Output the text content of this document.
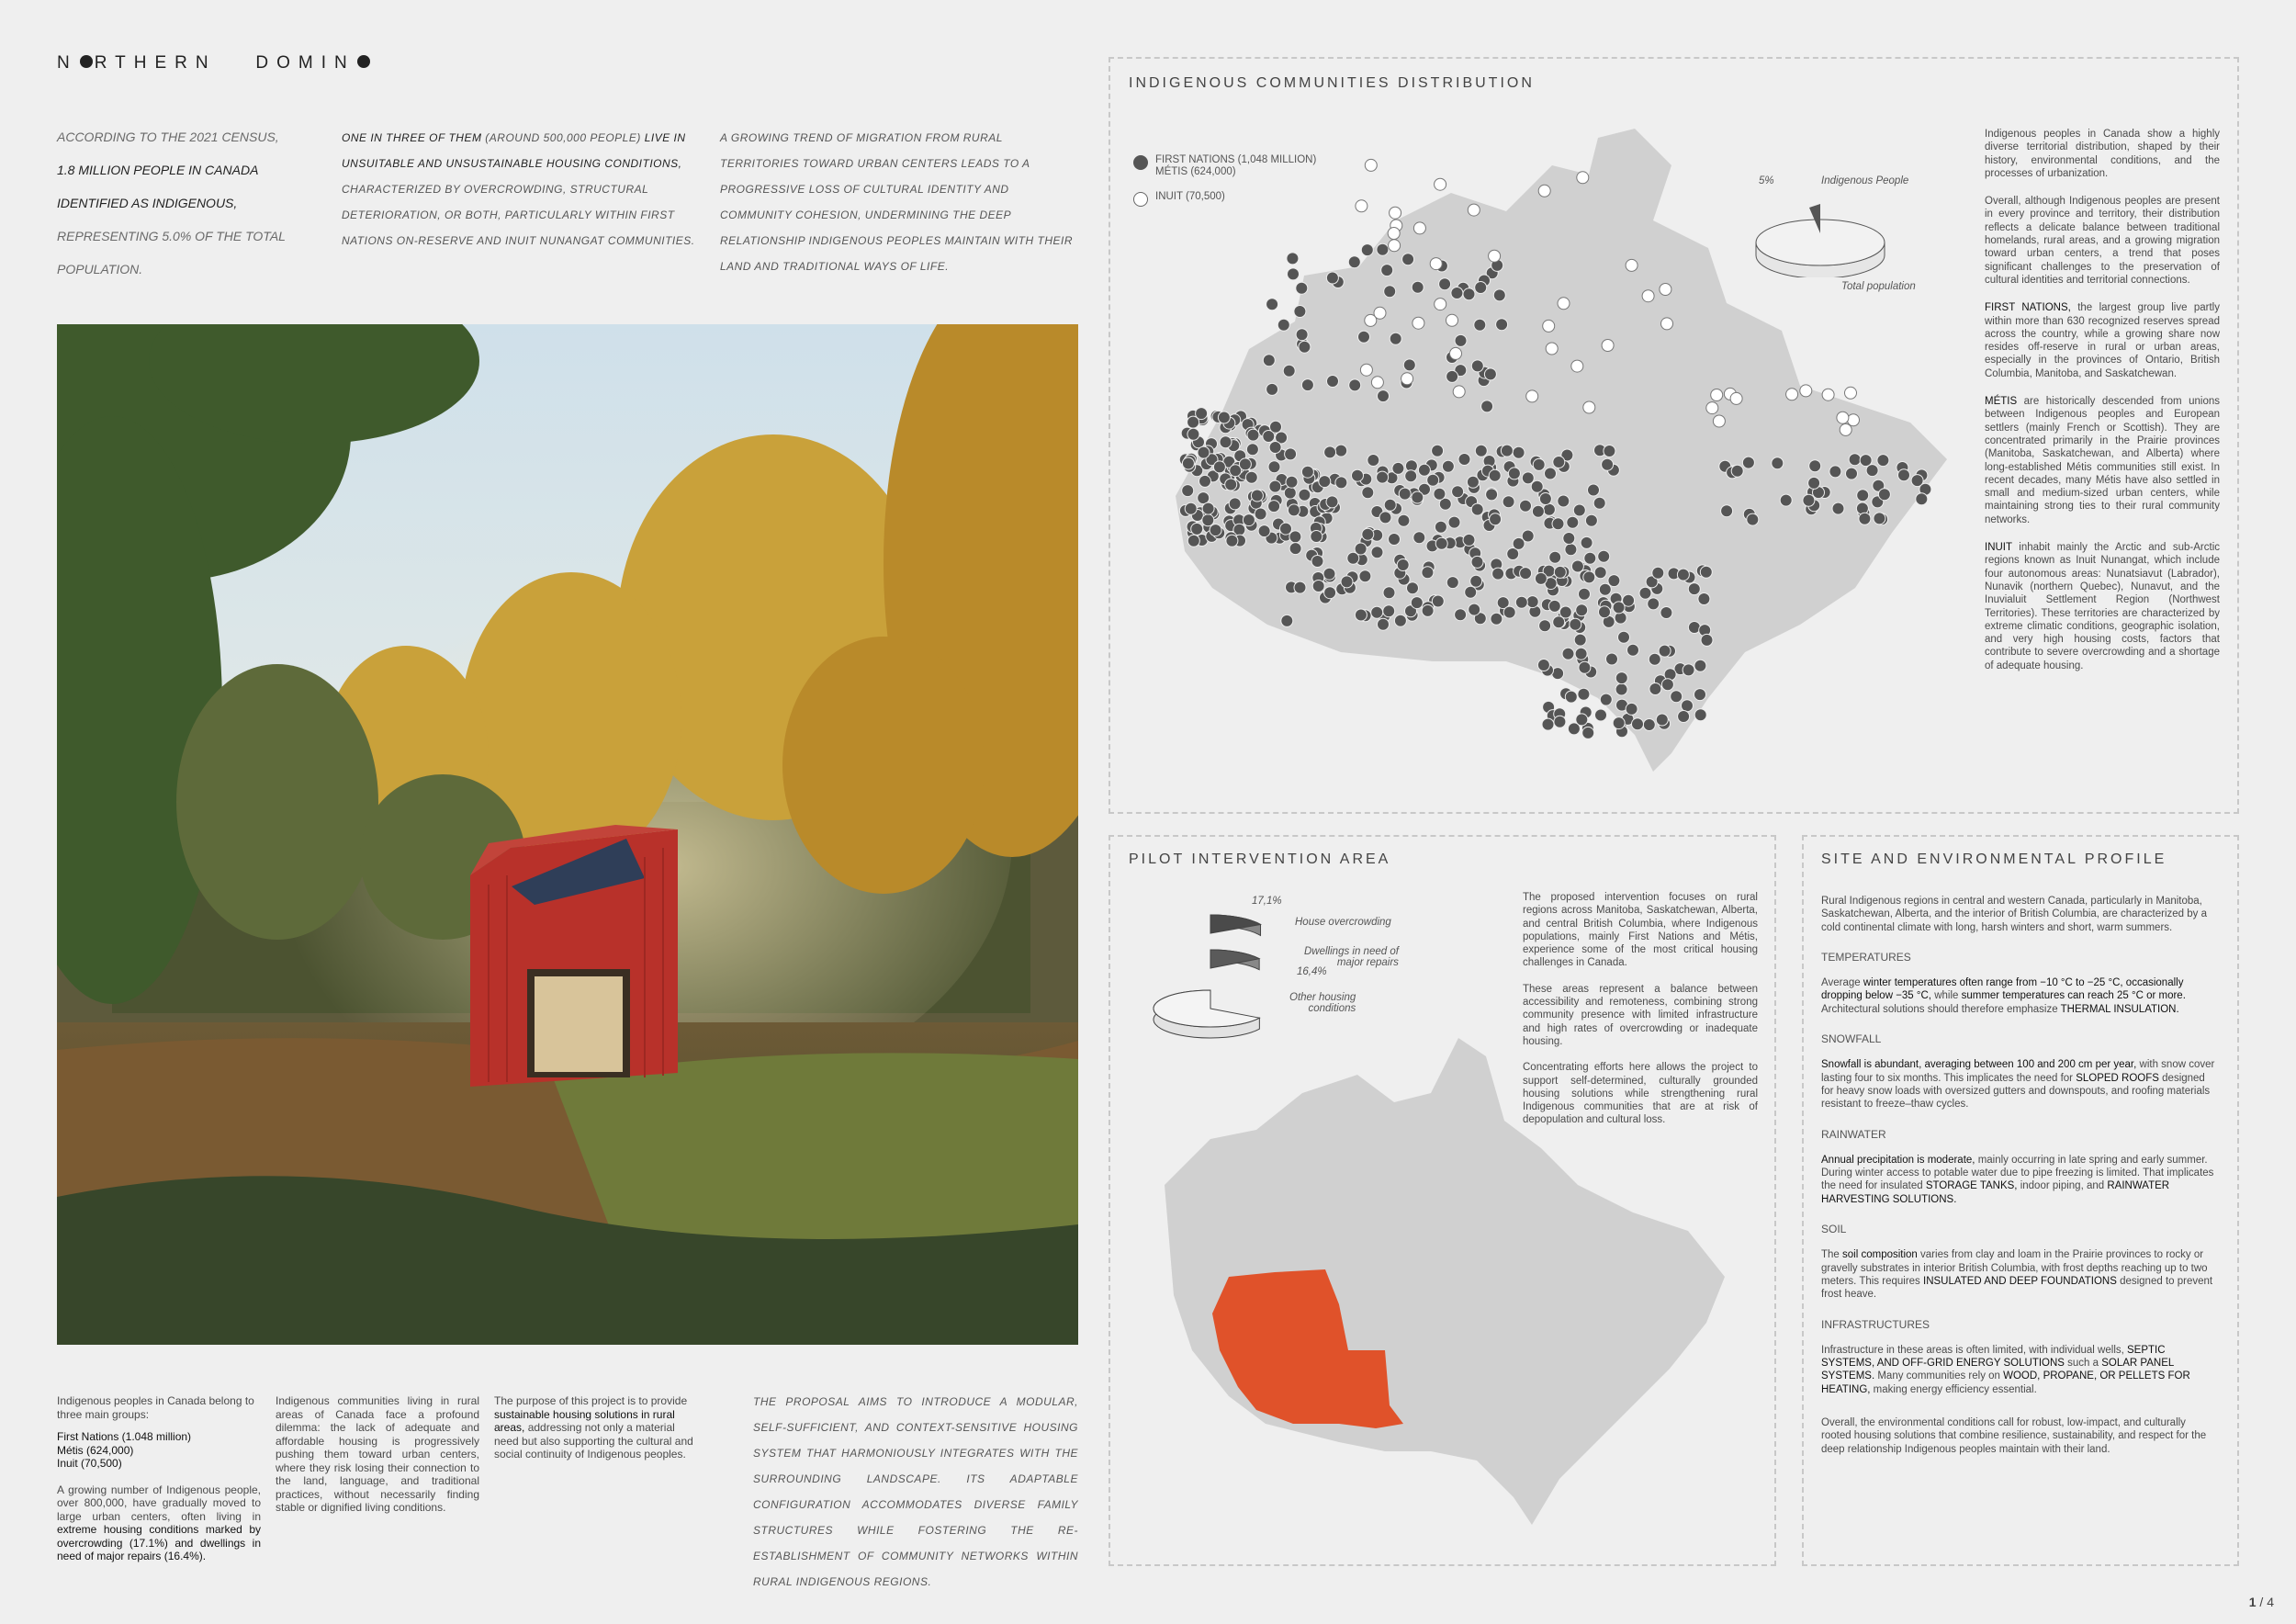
N RTHERN DOMIN
ACCORDING TO THE 2021 CENSUS,
1.8 MILLION PEOPLE IN CANADA
IDENTIFIED AS INDIGENOUS,
REPRESENTING 5.0% OF THE TOTAL
POPULATION.
ONE IN THREE OF THEM (AROUND 500,000 PEOPLE) LIVE IN UNSUITABLE AND UNSUSTAINABLE HOUSING CONDITIONS, CHARACTERIZED BY OVERCROWDING, STRUCTURAL DETERIORATION, OR BOTH, PARTICULARLY WITHIN FIRST NATIONS ON-RESERVE AND INUIT NUNANGAT COMMUNITIES.
A GROWING TREND OF MIGRATION FROM RURAL TERRITORIES TOWARD URBAN CENTERS LEADS TO A PROGRESSIVE LOSS OF CULTURAL IDENTITY AND COMMUNITY COHESION, UNDERMINING THE DEEP RELATIONSHIP INDIGENOUS PEOPLES MAINTAIN WITH THEIR LAND AND TRADITIONAL WAYS OF LIFE.

Indigenous peoples in Canada belong to three main groups:

First Nations (1.048 million)
Métis (624,000)
Inuit (70,500)

A growing number of Indigenous people, over 800,000, have gradually moved to large urban centers, often living in extreme housing conditions marked by overcrowding (17.1%) and dwellings in need of major repairs (16.4%).

Indigenous communities living in rural areas of Canada face a profound dilemma: the lack of adequate and affordable housing is progressively pushing them toward urban centers, where they risk losing their connection to the land, language, and traditional practices, without necessarily finding stable or dignified living conditions.
The purpose of this project is to provide sustainable housing solutions in rural areas, addressing not only a material need but also supporting the cultural and social continuity of Indigenous peoples.
THE PROPOSAL AIMS TO INTRODUCE A MODULAR, SELF-SUFFICIENT, AND CONTEXT-SENSITIVE HOUSING SYSTEM THAT HARMONIOUSLY INTEGRATES WITH THE SURROUNDING LANDSCAPE. ITS ADAPTABLE CONFIGURATION ACCOMMODATES DIVERSE FAMILY STRUCTURES WHILE FOSTERING THE RE-ESTABLISHMENT OF COMMUNITY NETWORKS WITHIN RURAL INDIGENOUS REGIONS.
INDIGENOUS COMMUNITIES DISTRIBUTION
FIRST NATIONS (1,048 MILLION)
MÉTIS (624,000)
INUIT (70,500)
5%	Indigenous People
Total population

Indigenous peoples in Canada show a highly diverse territorial distribution, shaped by their history, environmental conditions, and the processes of urbanization.

Overall, although Indigenous peoples are present in every province and territory, their distribution reflects a delicate balance between traditional homelands, rural areas, and a growing migration toward urban centers, a trend that poses significant challenges to the preservation of cultural identities and territorial connections.

FIRST NATIONS, the largest group live partly within more than 630 recognized reserves spread across the country, while a growing share now resides off-reserve in rural or urban areas, especially in the provinces of Ontario, British Columbia, Manitoba, and Saskatchewan.

MÉTIS are historically descended from unions between Indigenous peoples and European settlers (mainly French or Scottish). They are concentrated primarily in the Prairie provinces (Manitoba, Saskatchewan, and Alberta) where long-established Métis communities still exist. In recent decades, many Métis have also settled in small and medium-sized urban centers, while maintaining strong ties to their rural community networks.

INUIT inhabit mainly the Arctic and sub-Arctic regions known as Inuit Nunangat, which include four autonomous areas: Nunatsiavut (Labrador), Nunavik (northern Quebec), Nunavut, and the Inuvialuit Settlement Region (Northwest Territories). These territories are characterized by extreme climatic conditions, geographic isolation, and very high housing costs, factors that contribute to severe overcrowding and a shortage of adequate housing.

PILOT INTERVENTION AREA
17,1%
House overcrowding
Dwellings in need of
major repairs
16,4%
Other housing
conditions

The proposed intervention focuses on rural regions across Manitoba, Saskatchewan, Alberta, and central British Columbia, where Indigenous populations, mainly First Nations and Métis, experience some of the most critical housing challenges in Canada.

These areas represent a balance between accessibility and remoteness, combining strong community presence with limited infrastructure and high rates of overcrowding or inadequate housing.

Concentrating efforts here allows the project to support self-determined, culturally grounded housing solutions while strengthening rural Indigenous communities that are at risk of depopulation and cultural loss.

SITE AND ENVIRONMENTAL PROFILE

Rural Indigenous regions in central and western Canada, particularly in Manitoba, Saskatchewan, Alberta, and the interior of British Columbia, are characterized by a cold continental climate with long, harsh winters and short, warm summers.

TEMPERATURES

Average winter temperatures often range from −10 °C to −25 °C, occasionally dropping below −35 °C, while summer temperatures can reach 25 °C or more. Architectural solutions should therefore emphasize THERMAL INSULATION.

SNOWFALL

Snowfall is abundant, averaging between 100 and 200 cm per year, with snow cover lasting four to six months. This implicates the need for SLOPED ROOFS designed for heavy snow loads with oversized gutters and downspouts, and roofing materials resistant to freeze–thaw cycles.

RAINWATER

Annual precipitation is moderate, mainly occurring in late spring and early summer. During winter access to potable water due to pipe freezing is limited. That implicates the need for insulated STORAGE TANKS, indoor piping, and RAINWATER HARVESTING SOLUTIONS.

SOIL

The soil composition varies from clay and loam in the Prairie provinces to rocky or gravelly substrates in interior British Columbia, with frost depths reaching up to two meters. This requires INSULATED AND DEEP FOUNDATIONS designed to prevent frost heave.

INFRASTRUCTURES

Infrastructure in these areas is often limited, with individual wells, SEPTIC SYSTEMS, AND OFF-GRID ENERGY SOLUTIONS such a SOLAR PANEL SYSTEMS. Many communities rely on WOOD, PROPANE, OR PELLETS FOR HEATING, making energy efficiency essential.

Overall, the environmental conditions call for robust, low-impact, and culturally rooted housing solutions that combine resilience, sustainability, and respect for the deep relationship Indigenous peoples maintain with their land.

1 / 4
